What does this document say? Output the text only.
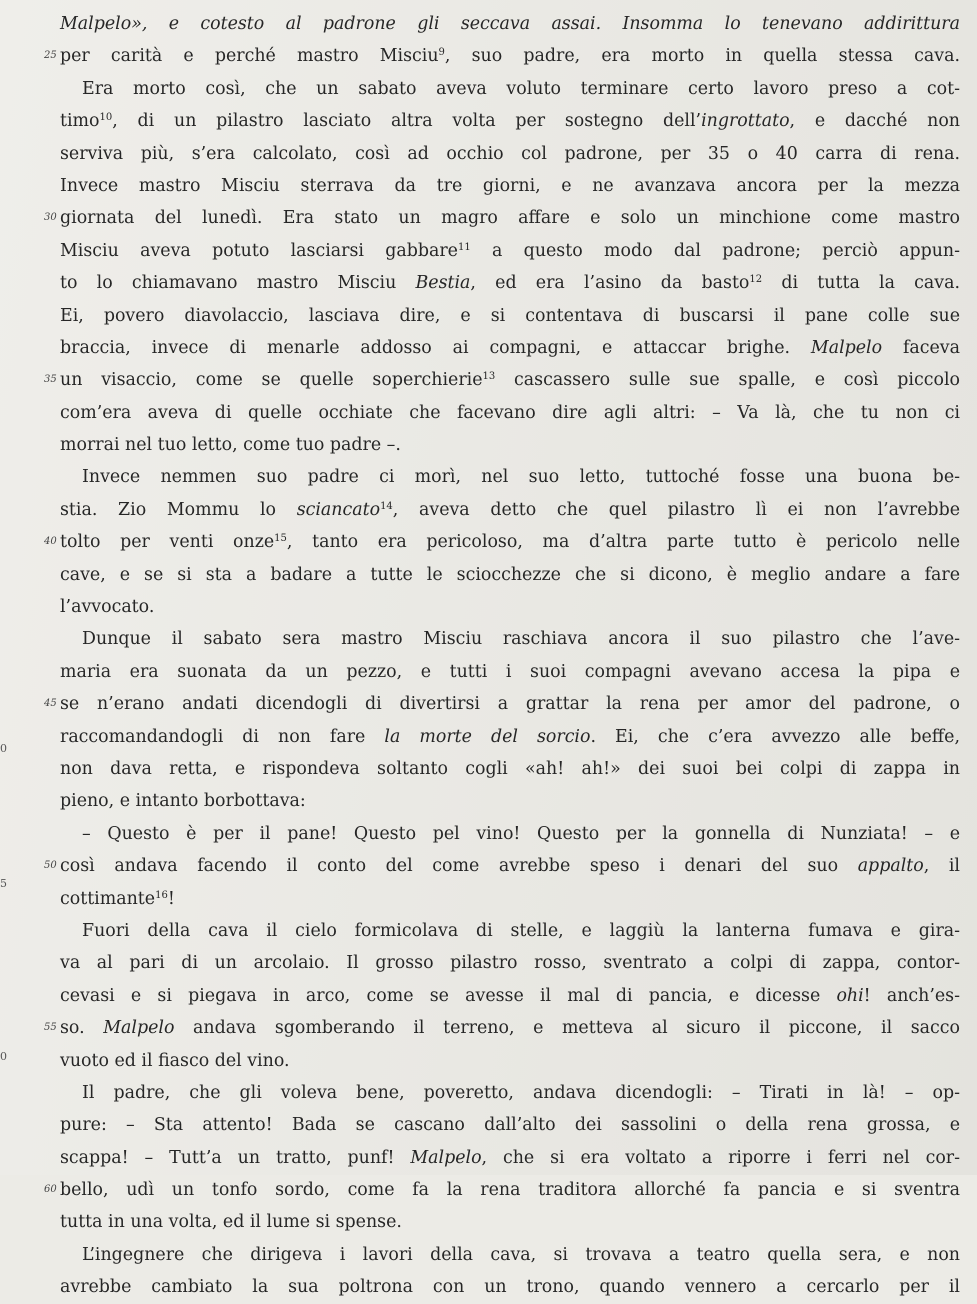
Malpelo», e cotesto al padrone gli seccava assai. Insomma lo tenevano addirittura
per carità e perché mastro Misciu$^9$, suo padre, era morto in quella stessa cava.
Era morto così, che un sabato aveva voluto terminare certo lavoro preso a cot-
timo$^{10}$, di un pilastro lasciato altra volta per sostegno dell’ingrottato, e dacché non
serviva più, s’era calcolato, così ad occhio col padrone, per 35 o 40 carra di rena.
Invece mastro Misciu sterrava da tre giorni, e ne avanzava ancora per la mezza
giornata del lunedì. Era stato un magro affare e solo un minchione come mastro
Misciu aveva potuto lasciarsi gabbare$^{11}$ a questo modo dal padrone; perciò appun-
to lo chiamavano mastro Misciu Bestia, ed era l’asino da basto$^{12}$ di tutta la cava.
Ei, povero diavolaccio, lasciava dire, e si contentava di buscarsi il pane colle sue
braccia, invece di menarle addosso ai compagni, e attaccar brighe. Malpelo faceva
un visaccio, come se quelle soperchierie$^{13}$ cascassero sulle sue spalle, e così piccolo
com’era aveva di quelle occhiate che facevano dire agli altri: – Va là, che tu non ci
morrai nel tuo letto, come tuo padre –.
Invece nemmen suo padre ci morì, nel suo letto, tuttoché fosse una buona be-
stia. Zio Mommu lo sciancato$^{14}$, aveva detto che quel pilastro lì ei non l’avrebbe
tolto per venti onze$^{15}$, tanto era pericoloso, ma d’altra parte tutto è pericolo nelle
cave, e se si sta a badare a tutte le sciocchezze che si dicono, è meglio andare a fare
l’avvocato.
Dunque il sabato sera mastro Misciu raschiava ancora il suo pilastro che l’ave-
maria era suonata da un pezzo, e tutti i suoi compagni avevano accesa la pipa e
se n’erano andati dicendogli di divertirsi a grattar la rena per amor del padrone, o
raccomandandogli di non fare la morte del sorcio. Ei, che c’era avvezzo alle beffe,
non dava retta, e rispondeva soltanto cogli «ah! ah!» dei suoi bei colpi di zappa in
pieno, e intanto borbottava:
– Questo è per il pane! Questo pel vino! Questo per la gonnella di Nunziata! – e
così andava facendo il conto del come avrebbe speso i denari del suo appalto, il
cottimante$^{16}$!
Fuori della cava il cielo formicolava di stelle, e laggiù la lanterna fumava e gira-
va al pari di un arcolaio. Il grosso pilastro rosso, sventrato a colpi di zappa, contor-
cevasi e si piegava in arco, come se avesse il mal di pancia, e dicesse ohi! anch’es-
so. Malpelo andava sgomberando il terreno, e metteva al sicuro il piccone, il sacco
vuoto ed il fiasco del vino.
Il padre, che gli voleva bene, poveretto, andava dicendogli: – Tirati in là! – op-
pure: – Sta attento! Bada se cascano dall’alto dei sassolini o della rena grossa, e
scappa! – Tutt’a un tratto, punf! Malpelo, che si era voltato a riporre i ferri nel cor-
bello, udì un tonfo sordo, come fa la rena traditora allorché fa pancia e si sventra
tutta in una volta, ed il lume si spense.
L’ingegnere che dirigeva i lavori della cava, si trovava a teatro quella sera, e non
avrebbe cambiato la sua poltrona con un trono, quando vennero a cercarlo per il
25
30
35
40
45
50
55
60
0
5
0
